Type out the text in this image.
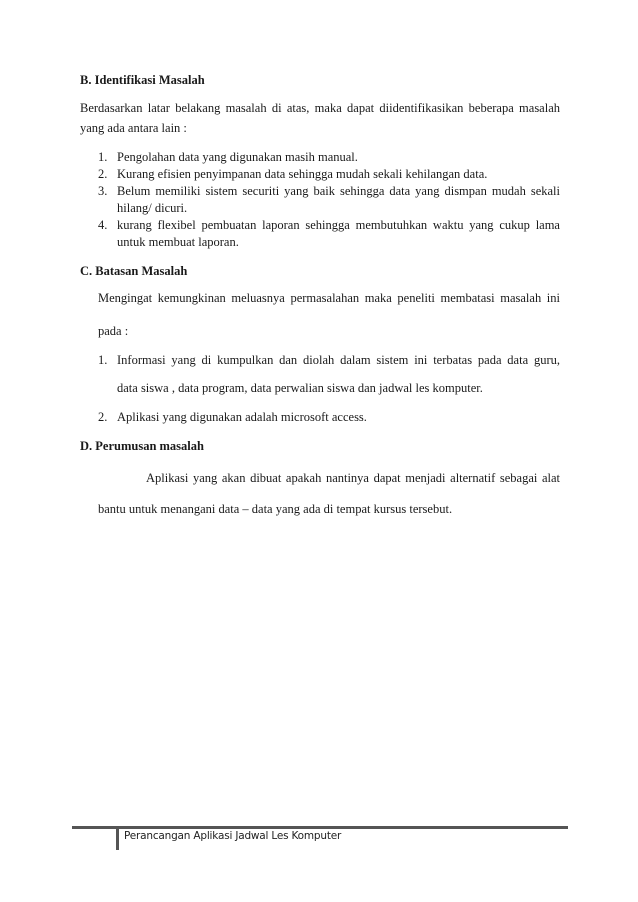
B. Identifikasi Masalah
Berdasarkan latar belakang masalah di atas, maka dapat diidentifikasikan beberapa masalah
yang ada antara lain :
1. Pengolahan data yang digunakan masih manual.
2. Kurang efisien penyimpanan data sehingga mudah sekali kehilangan data.
3. Belum memiliki sistem securiti yang baik sehingga data yang dismpan mudah sekali
hilang/ dicuri.
4. kurang flexibel pembuatan laporan sehingga membutuhkan waktu yang cukup lama
untuk membuat laporan.
C. Batasan Masalah
Mengingat kemungkinan meluasnya permasalahan maka peneliti membatasi masalah ini
pada :
1. Informasi yang di kumpulkan dan diolah dalam sistem ini terbatas pada data guru,
data siswa , data program, data perwalian siswa dan jadwal les komputer.
2. Aplikasi yang digunakan adalah microsoft access.
D. Perumusan masalah
Aplikasi yang akan dibuat apakah nantinya dapat menjadi alternatif sebagai alat
bantu untuk menangani data – data yang ada di tempat kursus tersebut.
Perancangan Aplikasi Jadwal Les Komputer
